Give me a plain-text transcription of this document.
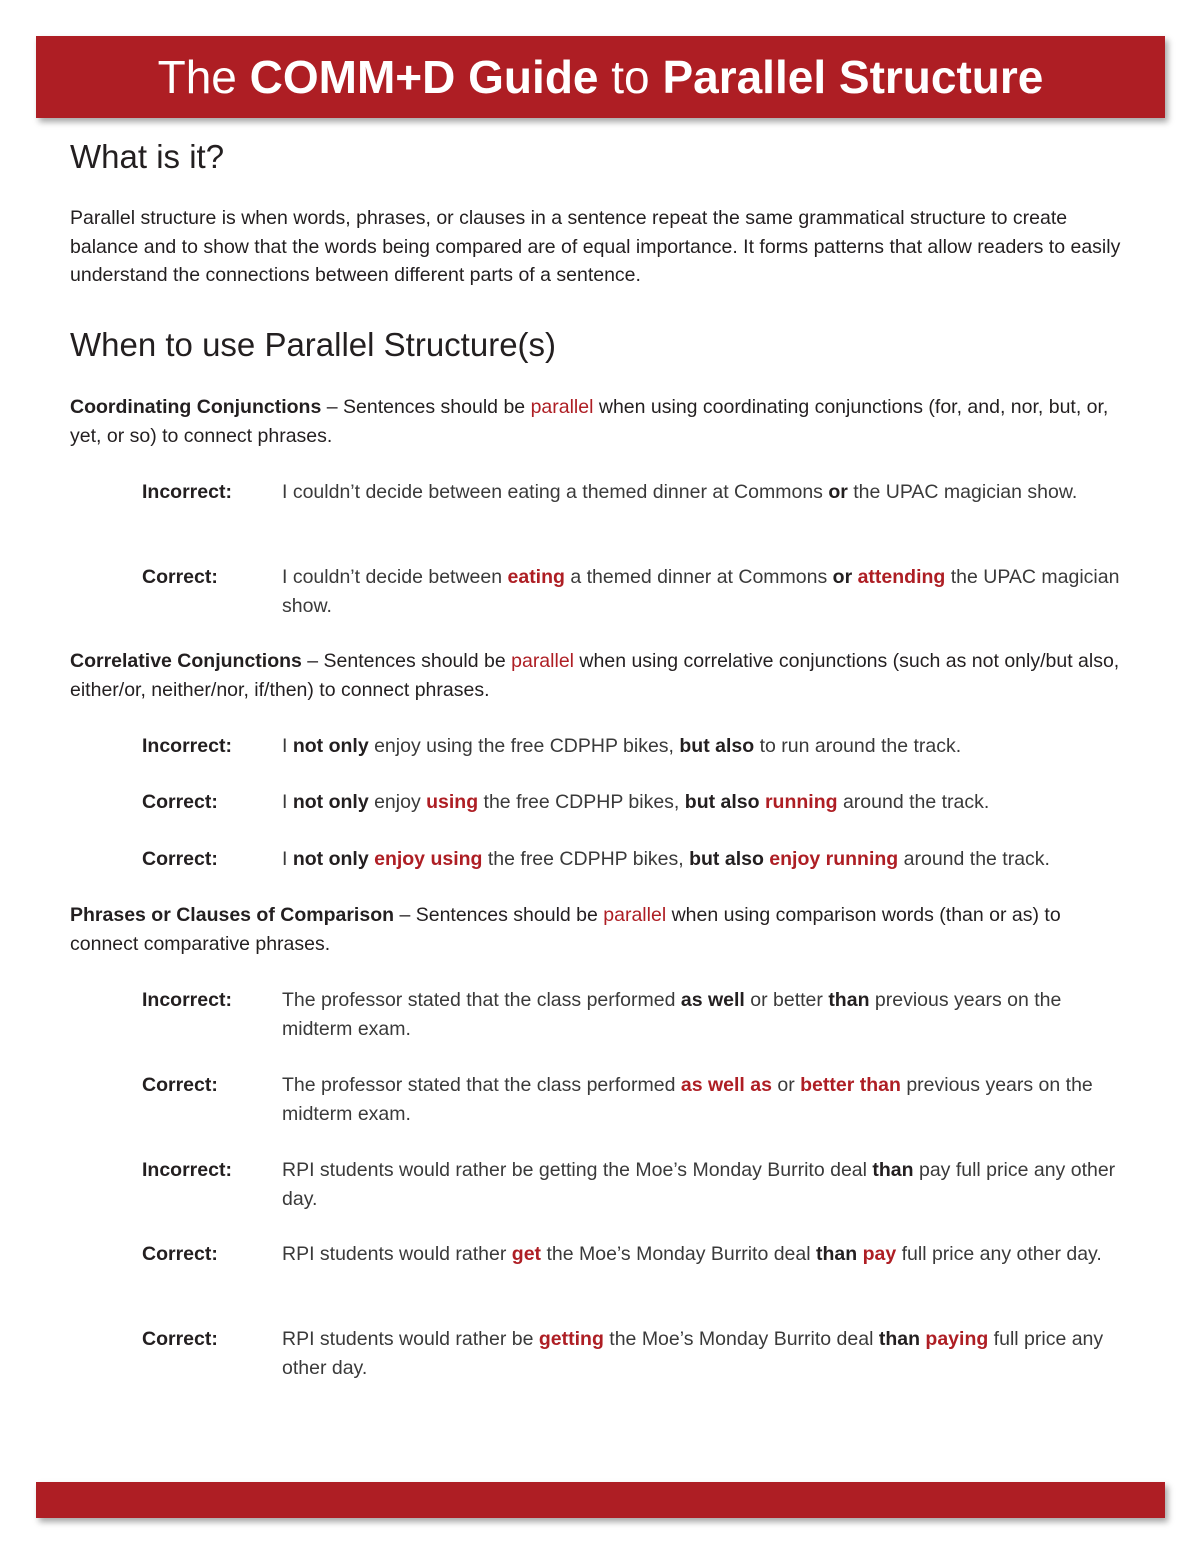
The COMM+D Guide to Parallel Structure
What is it?

Parallel structure is when words, phrases, or clauses in a sentence repeat the same grammatical structure to create balance and to show that the words being compared are of equal importance. It forms patterns that allow readers to easily understand the connections between different parts of a sentence.

When to use Parallel Structure(s)

Coordinating Conjunctions – Sentences should be parallel when using coordinating conjunctions (for, and, nor, but, or, yet, or so) to connect phrases.

Incorrect:	I couldn’t decide between eating a themed dinner at Commons or the UPAC magician show.
Correct:	I couldn’t decide between eating a themed dinner at Commons or attending the UPAC magician show.

Correlative Conjunctions – Sentences should be parallel when using correlative conjunctions (such as not only/but also, either/or, neither/nor, if/then) to connect phrases.

Incorrect:	I not only enjoy using the free CDPHP bikes, but also to run around the track.
Correct:	I not only enjoy using the free CDPHP bikes, but also running around the track.
Correct:	I not only enjoy using the free CDPHP bikes, but also enjoy running around the track.

Phrases or Clauses of Comparison – Sentences should be parallel when using comparison words (than or as) to connect comparative phrases.

Incorrect:	The professor stated that the class performed as well or better than previous years on the midterm exam.
Correct:	The professor stated that the class performed as well as or better than previous years on the midterm exam.
Incorrect:	RPI students would rather be getting the Moe’s Monday Burrito deal than pay full price any other day.
Correct:	RPI students would rather get the Moe’s Monday Burrito deal than pay full price any other day.
Correct:	RPI students would rather be getting the Moe’s Monday Burrito deal than paying full price any other day.
